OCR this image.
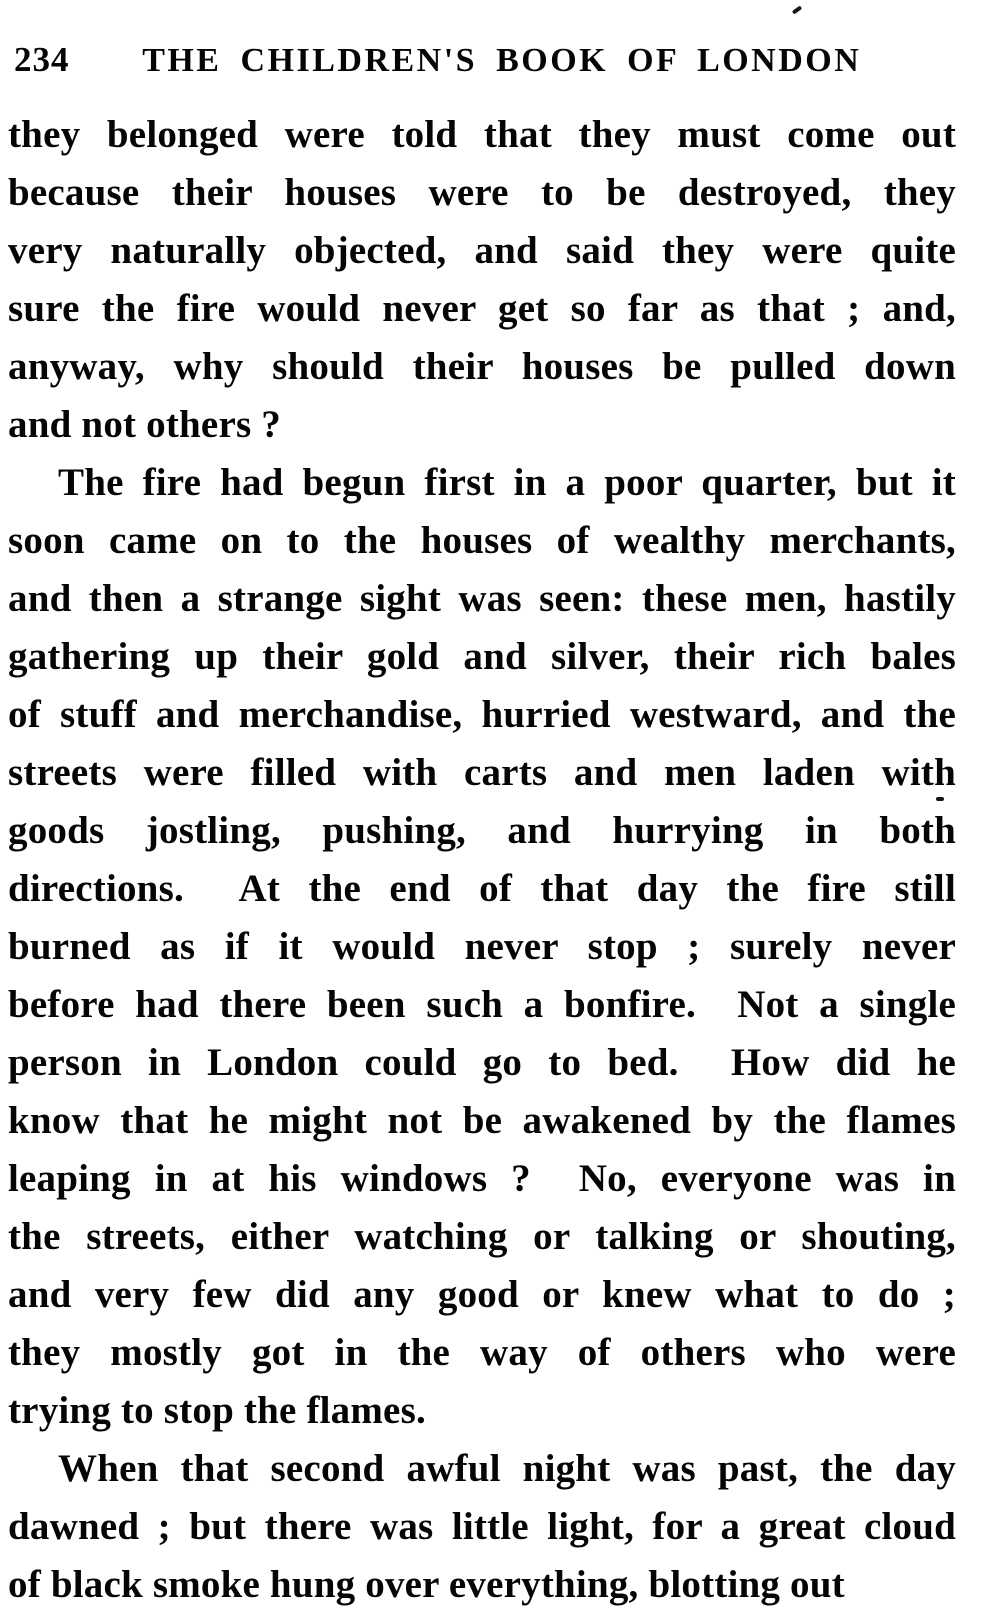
234	THE CHILDREN'S BOOK OF LONDON
they belonged were told that they must come out
because their houses were to be destroyed, they
very naturally objected, and said they were quite
sure the fire would never get so far as that ; and,
anyway, why should their houses be pulled down
and not others ?
The fire had begun first in a poor quarter, but it
soon came on to the houses of wealthy merchants,
and then a strange sight was seen: these men, hastily
gathering up their gold and silver, their rich bales
of stuff and merchandise, hurried westward, and the
streets were filled with carts and men laden with
goods jostling, pushing, and hurrying in both
directions.  At the end of that day the fire still
burned as if it would never stop ; surely never
before had there been such a bonfire.  Not a single
person in London could go to bed.  How did he
know that he might not be awakened by the flames
leaping in at his windows ?  No, everyone was in
the streets, either watching or talking or shouting,
and very few did any good or knew what to do ;
they mostly got in the way of others who were
trying to stop the flames.
When that second awful night was past, the day
dawned ; but there was little light, for a great cloud
of black smoke hung over everything, blotting out
